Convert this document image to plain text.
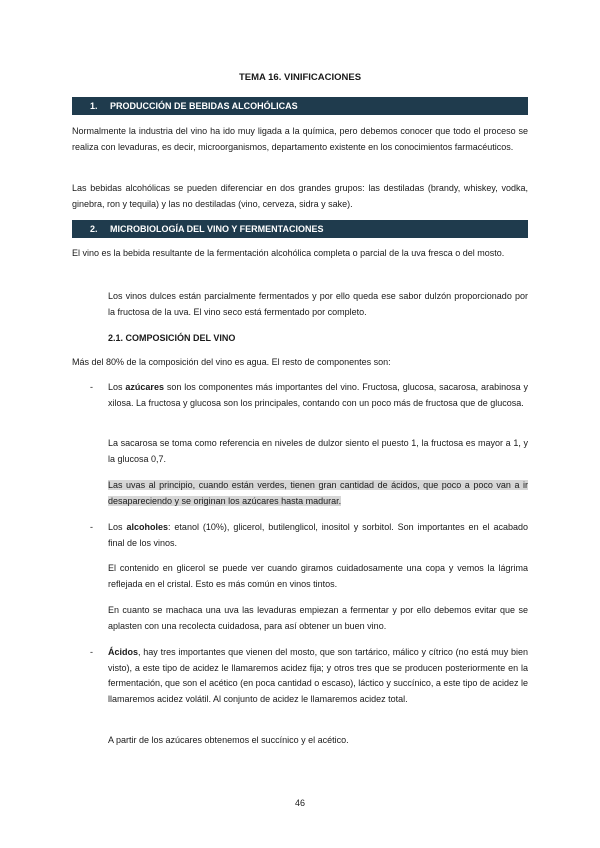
TEMA 16. VINIFICACIONES
1. PRODUCCIÓN DE BEBIDAS ALCOHÓLICAS

Normalmente la industria del vino ha ido muy ligada a la química, pero debemos conocer que todo el proceso se realiza con levaduras, es decir, microorganismos, departamento existente en los conocimientos farmacéuticos.

Las bebidas alcohólicas se pueden diferenciar en dos grandes grupos: las destiladas (brandy, whiskey, vodka, ginebra, ron y tequila) y las no destiladas (vino, cerveza, sidra y sake).

2. MICROBIOLOGÍA DEL VINO Y FERMENTACIONES

El vino es la bebida resultante de la fermentación alcohólica completa o parcial de la uva fresca o del mosto.

Los vinos dulces están parcialmente fermentados y por ello queda ese sabor dulzón proporcionado por la fructosa de la uva. El vino seco está fermentado por completo.

2.1. COMPOSICIÓN DEL VINO

Más del 80% de la composición del vino es agua. El resto de componentes son:

- Los azúcares son los componentes más importantes del vino. Fructosa, glucosa, sacarosa, arabinosa y xilosa. La fructosa y glucosa son los principales, contando con un poco más de fructosa que de glucosa.

La sacarosa se toma como referencia en niveles de dulzor siento el puesto 1, la fructosa es mayor a 1, y la glucosa 0,7.

Las uvas al principio, cuando están verdes, tienen gran cantidad de ácidos, que poco a poco van a ir desapareciendo y se originan los azúcares hasta madurar.

- Los alcoholes: etanol (10%), glicerol, butilenglicol, inositol y sorbitol. Son importantes en el acabado final de los vinos.

El contenido en glicerol se puede ver cuando giramos cuidadosamente una copa y vemos la lágrima reflejada en el cristal. Esto es más común en vinos tintos.

En cuanto se machaca una uva las levaduras empiezan a fermentar y por ello debemos evitar que se aplasten con una recolecta cuidadosa, para así obtener un buen vino.

- Ácidos, hay tres importantes que vienen del mosto, que son tartárico, málico y cítrico (no está muy bien visto), a este tipo de acidez le llamaremos acidez fija; y otros tres que se producen posteriormente en la fermentación, que son el acético (en poca cantidad o escaso), láctico y succínico, a este tipo de acidez le llamaremos acidez volátil. Al conjunto de acidez le llamaremos acidez total.

A partir de los azúcares obtenemos el succínico y el acético.

46
